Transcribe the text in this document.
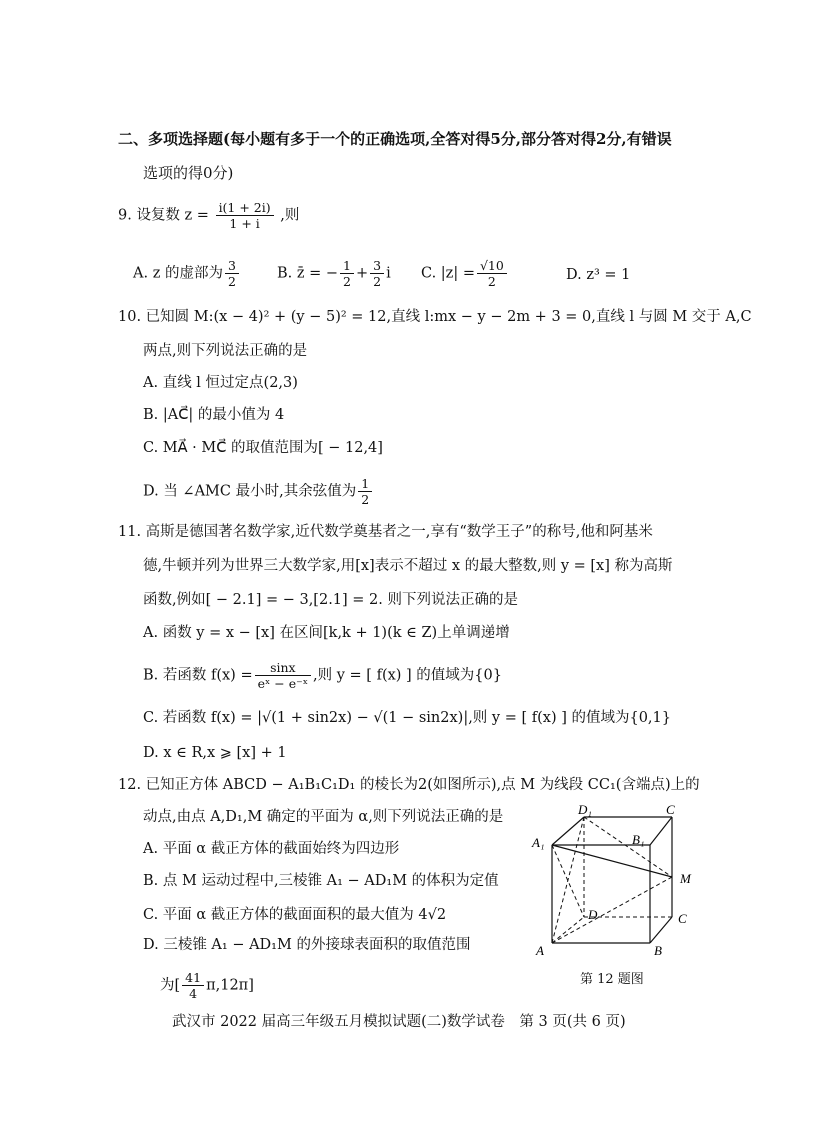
二、多项选择题(每小题有多于一个的正确选项,全答对得5分,部分答对得2分,有错误
选项的得0分)
9. 设复数 $z = \frac{i(1 + 2i)}{1 + i}$ ,则
A. z 的虚部为 $\frac{3}{2}$	B. z̄ = − $\frac{1}{2} + \frac{3}{2}$ i C. $|z| = \frac{√10}{2}$	D. z³ = 1
10. 已知圆 M:(x − 4)² + (y − 5)² = 12,直线 l:mx − y − 2m + 3 = 0,直线 l 与圆 M 交于 A,C
两点,则下列说法正确的是
A. 直线 l 恒过定点(2,3)
B. |AC⃗| 的最小值为 4
C. MA⃗ · MC⃗ 的取值范围为[ − 12,4]
D. 当 ∠AMC 最小时,其余弦值为 $\frac{1}{2}$
11. 高斯是德国著名数学家,近代数学奠基者之一,享有“数学王子”的称号,他和阿基米
德,牛顿并列为世界三大数学家,用[x]表示不超过 x 的最大整数,则 y = [x] 称为高斯
函数,例如[ − 2.1] = − 3,[2.1] = 2. 则下列说法正确的是
A. 函数 y = x − [x] 在区间[k,k + 1)(k ∈ Z)上单调递增
B. 若函数 $f(x) = \frac{\sin x}{\text{eˣ − e⁻ˣ}}$ ,则 y = [ f(x) ] 的值域为{0}
C. 若函数 f(x) = |√(1 + sin2x) − √(1 − sin2x)|,则 y = [ f(x) ] 的值域为{0,1}
D. x ∈ R,x ⩾ [x] + 1
12. 已知正方体 ABCD − A₁B₁C₁D₁ 的棱长为2(如图所示),点 M 为线段 CC₁(含端点)上的
动点,由点 A,D₁,M 确定的平面为 α,则下列说法正确的是
A. 平面 α 截正方体的截面始终为四边形
B. 点 M 运动过程中,三棱锥 A₁ − AD₁M 的体积为定值
C. 平面 α 截正方体的截面面积的最大值为 4√2
D. 三棱锥 A₁ − AD₁M 的外接球表面积的取值范围
为[ $\frac{41}{4} \pi,12\pi$]
D₁	C
A₁	B₁
M
D	C
A	B
第 12 题图
武汉市 2022 届高三年级五月模拟试题(二)数学试卷　第 3 页(共 6 页)
